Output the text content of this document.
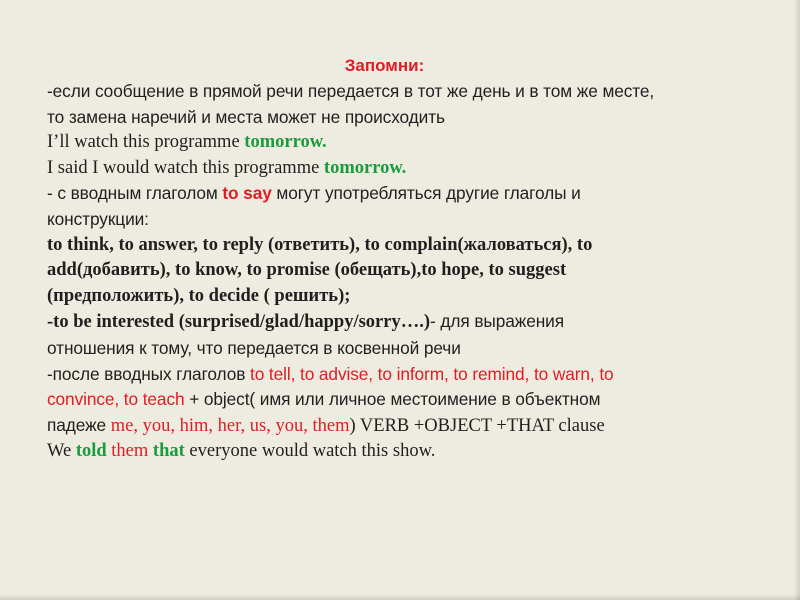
Запомни:
-если сообщение в прямой речи передается в тот же день и в том же месте,
то замена наречий и места может не происходить
I’ll watch this programme tomorrow.
I said I would watch this programme tomorrow.
- с вводным глаголом to say могут употребляться другие глаголы и
конструкции:
to think, to answer, to reply (ответить), to complain(жаловаться), to
add(добавить), to know, to promise (обещать),to hope, to suggest
(предположить), to decide ( решить);
-to be interested (surprised/glad/happy/sorry….)- для выражения
отношения к тому, что передается в косвенной речи
-после вводных глаголов to tell, to advise, to inform, to remind, to warn, to
convince, to teach + object( имя или личное местоимение в объектном
падеже me, you, him, her, us, you, them) VERB +OBJECT +THAT clause
We told them that everyone would watch this show.
